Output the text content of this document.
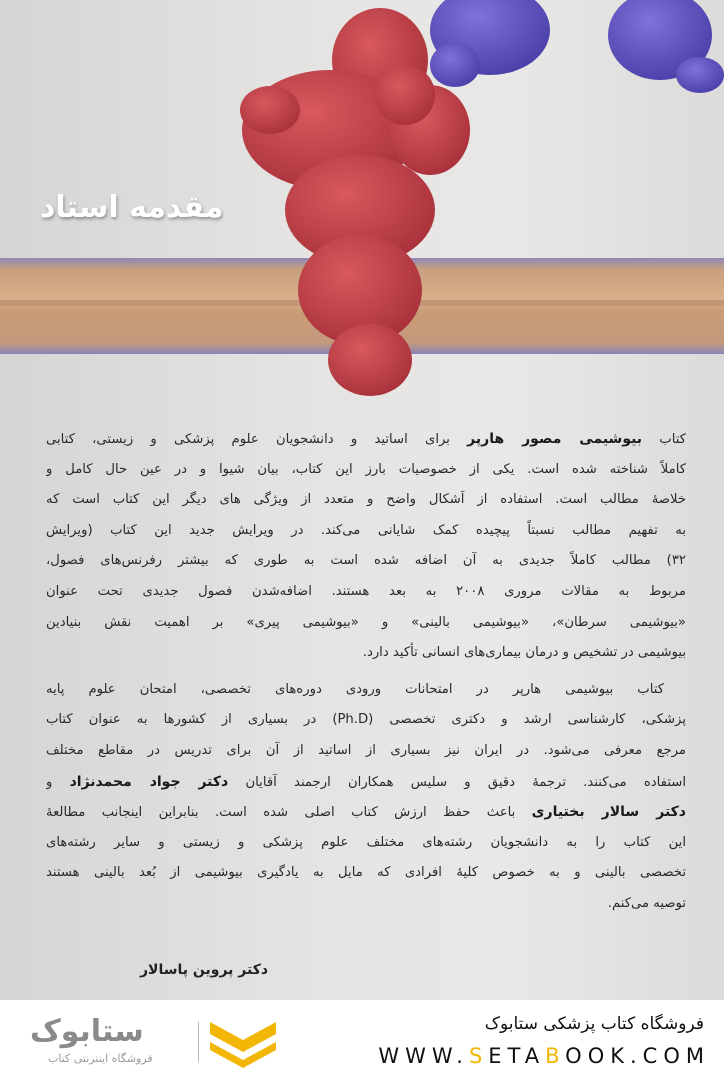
مقدمه استاد
کتاب بیوشیمی مصور هارپر برای اساتید و دانشجویان علوم پزشکی و زیستی، کتابی
کاملاً شناخته شده است. یکی از خصوصیات بارز این کتاب، بیان شیوا و در عین حال کامل و
خلاصهٔ مطالب است. استفاده از اَشکال واضح و متعدد از ویژگی های دیگر این کتاب است که
به تفهیم مطالب نسبتاً پیچیده کمک شایانی می‌کند. در ویرایش جدید این کتاب (ویرایش
۳۲) مطالب کاملاً جدیدی به آن اضافه شده است به طوری که بیشتر رفرنس‌های فصول،
مربوط به مقالات مروری ۲۰۰۸ به بعد هستند. اضافه‌شدن فصول جدیدی تحت عنوان
«بیوشیمی سرطان»، «بیوشیمی بالینی» و «بیوشیمی پیری» بر اهمیت نقش بنیادین
بیوشیمی در تشخیص و درمان بیماری‌های انسانی تأکید دارد.
کتاب بیوشیمی هارپر در امتحانات ورودی دوره‌های تخصصی، امتحان علوم پایه
پزشکی، کارشناسی ارشد و دکتری تخصصی (Ph.D) در بسیاری از کشورها به عنوان کتاب
مرجع معرفی می‌شود. در ایران نیز بسیاری از اساتید از آن برای تدریس در مقاطع مختلف
استفاده می‌کنند. ترجمهٔ دقیق و سلیس همکاران ارجمند آقایان دکتر جواد محمدنژاد و
دکتر سالار بختیاری باعث حفظ ارزش کتاب اصلی شده است. بنابراین اینجانب مطالعهٔ
این کتاب را به دانشجویان رشته‌های مختلف علوم پزشکی و زیستی و سایر رشته‌های
تخصصی بالینی و به خصوص کلیهٔ افرادی که مایل به یادگیری بیوشیمی از بُعد بالینی هستند
توصیه می‌کنم.
دکتر پروین پاسالار
ستابوک
فروشگاه اینترنتی کتاب
فروشگاه کتاب پزشکی ستابوک
WWW.SETABOOK.COM
